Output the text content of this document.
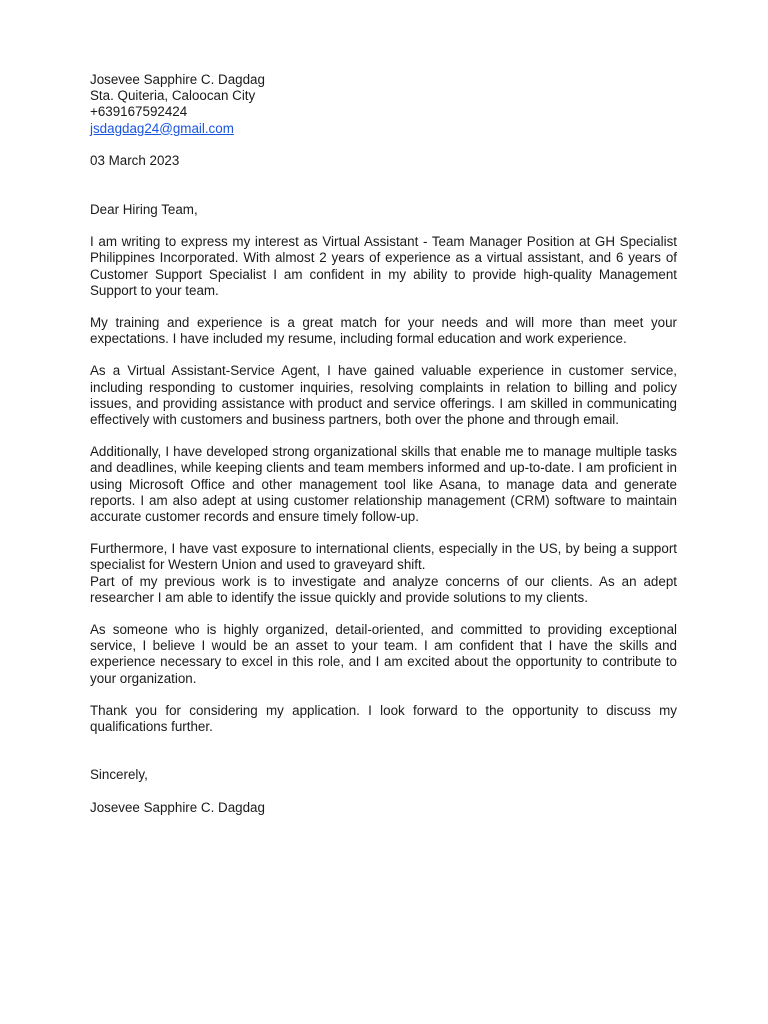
Josevee Sapphire C. Dagdag
Sta. Quiteria, Caloocan City
+639167592424
jsdagdag24@gmail.com
03 March 2023
Dear Hiring Team,

I am writing to express my interest as Virtual Assistant - Team Manager Position at GH Specialist Philippines Incorporated. With almost 2 years of experience as a virtual assistant, and 6 years of Customer Support Specialist I am confident in my ability to provide high-quality Management Support to your team.

My training and experience is a great match for your needs and will more than meet your expectations. I have included my resume, including formal education and work experience.

As a Virtual Assistant-Service Agent, I have gained valuable experience in customer service, including responding to customer inquiries, resolving complaints in relation to billing and policy issues, and providing assistance with product and service offerings. I am skilled in communicating effectively with customers and business partners, both over the phone and through email.

Additionally, I have developed strong organizational skills that enable me to manage multiple tasks and deadlines, while keeping clients and team members informed and up-to-date. I am proficient in using Microsoft Office and other management tool like Asana, to manage data and generate reports. I am also adept at using customer relationship management (CRM) software to maintain accurate customer records and ensure timely follow-up.

Furthermore, I have vast exposure to international clients, especially in the US, by being a support specialist for Western Union and used to graveyard shift.

Part of my previous work is to investigate and analyze concerns of our clients. As an adept researcher I am able to identify the issue quickly and provide solutions to my clients.

As someone who is highly organized, detail-oriented, and committed to providing exceptional service, I believe I would be an asset to your team. I am confident that I have the skills and experience necessary to excel in this role, and I am excited about the opportunity to contribute to your organization.

Thank you for considering my application. I look forward to the opportunity to discuss my qualifications further.

Sincerely,
Josevee Sapphire C. Dagdag
